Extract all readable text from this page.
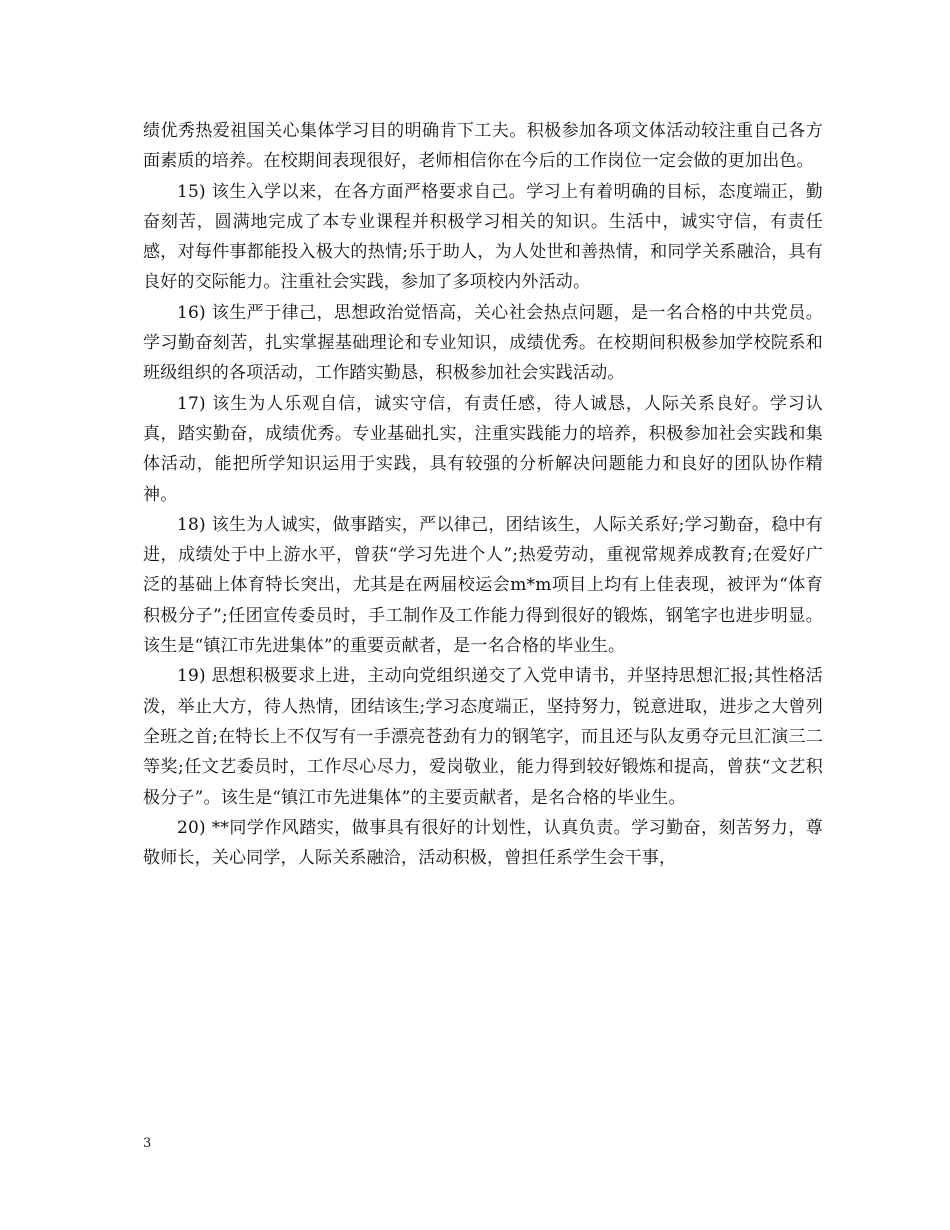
绩优秀热爱祖国关心集体学习目的明确肯下工夫。积极参加各项文体活动较注重自己各方面素质的培养。在校期间表现很好，老师相信你在今后的工作岗位一定会做的更加出色。

15) 该生入学以来，在各方面严格要求自己。学习上有着明确的目标，态度端正，勤奋刻苦，圆满地完成了本专业课程并积极学习相关的知识。生活中，诚实守信，有责任感，对每件事都能投入极大的热情;乐于助人，为人处世和善热情，和同学关系融洽，具有良好的交际能力。注重社会实践，参加了多项校内外活动。

16) 该生严于律己，思想政治觉悟高，关心社会热点问题，是一名合格的中共党员。学习勤奋刻苦，扎实掌握基础理论和专业知识，成绩优秀。在校期间积极参加学校院系和班级组织的各项活动，工作踏实勤恳，积极参加社会实践活动。

17) 该生为人乐观自信，诚实守信，有责任感，待人诚恳，人际关系良好。学习认真，踏实勤奋，成绩优秀。专业基础扎实，注重实践能力的培养，积极参加社会实践和集体活动，能把所学知识运用于实践，具有较强的分析解决问题能力和良好的团队协作精神。

18) 该生为人诚实，做事踏实，严以律己，团结该生，人际关系好;学习勤奋，稳中有进，成绩处于中上游水平，曾获“学习先进个人”;热爱劳动，重视常规养成教育;在爱好广泛的基础上体育特长突出，尤其是在两届校运会m*m项目上均有上佳表现，被评为“体育积极分子”;任团宣传委员时，手工制作及工作能力得到很好的锻炼，钢笔字也进步明显。该生是“镇江市先进集体”的重要贡献者，是一名合格的毕业生。

19) 思想积极要求上进，主动向党组织递交了入党申请书，并坚持思想汇报;其性格活泼，举止大方，待人热情，团结该生;学习态度端正，坚持努力，锐意进取，进步之大曾列全班之首;在特长上不仅写有一手漂亮苍劲有力的钢笔字，而且还与队友勇夺元旦汇演三二等奖;任文艺委员时，工作尽心尽力，爱岗敬业，能力得到较好锻炼和提高，曾获“文艺积极分子”。该生是“镇江市先进集体”的主要贡献者，是名合格的毕业生。

20) **同学作风踏实，做事具有很好的计划性，认真负责。学习勤奋，刻苦努力，尊敬师长，关心同学，人际关系融洽，活动积极，曾担任系学生会干事，

3
